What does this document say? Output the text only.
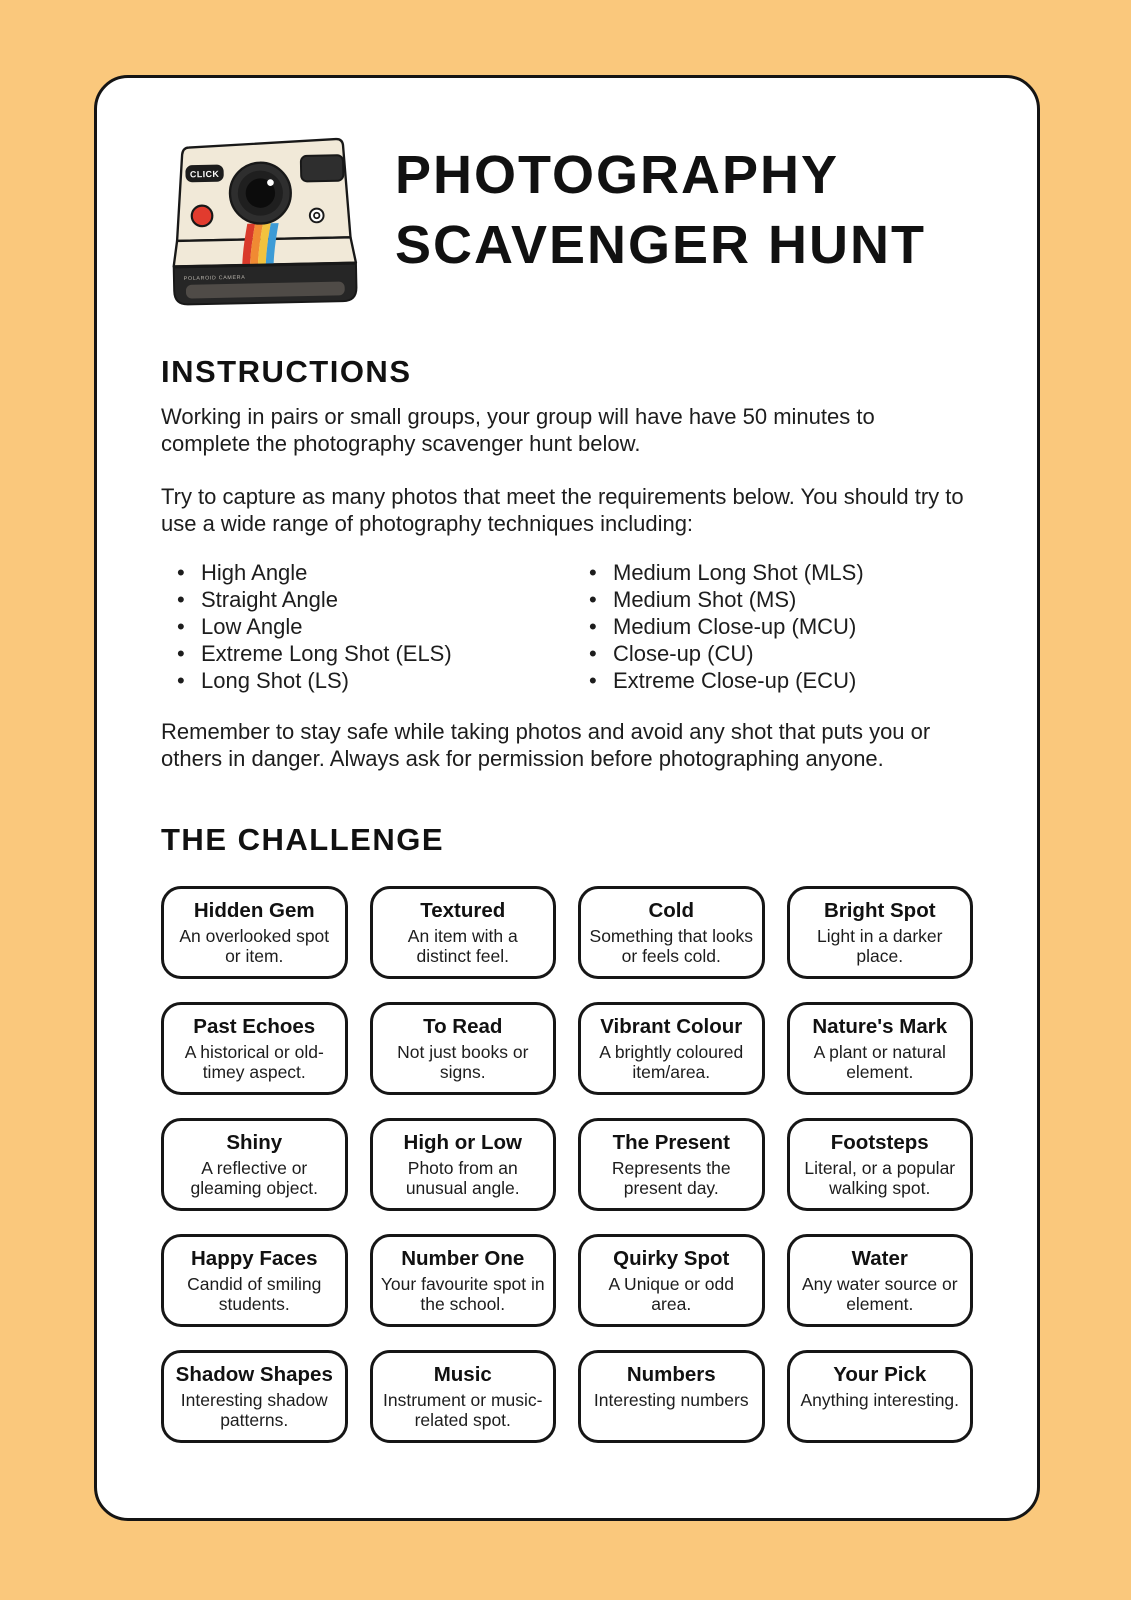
POLAROID CAMERA
CLICK	PHOTOGRAPHY
SCAVENGER HUNT
INSTRUCTIONS

Working in pairs or small groups, your group will have have 50 minutes to complete the photography scavenger hunt below.

Try to capture as many photos that meet the requirements below. You should try to use a wide range of photography techniques including:

• High Angle
• Straight Angle
• Low Angle
• Extreme Long Shot (ELS)
• Long Shot (LS)
• Medium Long Shot (MLS)
• Medium Shot (MS)
• Medium Close-up (MCU)
• Close-up (CU)
• Extreme Close-up (ECU)

Remember to stay safe while taking photos and avoid any shot that puts you or others in danger. Always ask for permission before photographing anyone.

THE CHALLENGE
Hidden Gem
An overlooked spot or item.
Textured
An item with a distinct feel.
Cold
Something that looks or feels cold.
Bright Spot
Light in a darker place.
Past Echoes
A historical or old-timey aspect.
To Read
Not just books or signs.
Vibrant Colour
A brightly coloured item/area.
Nature's Mark
A plant or natural element.
Shiny
A reflective or gleaming object.
High or Low
Photo from an unusual angle.
The Present
Represents the present day.
Footsteps
Literal, or a popular walking spot.
Happy Faces
Candid of smiling students.
Number One
Your favourite spot in the school.
Quirky Spot
A Unique or odd area.
Water
Any water source or element.
Shadow Shapes
Interesting shadow patterns.
Music
Instrument or music-related spot.
Numbers
Interesting numbers
Your Pick
Anything interesting.
